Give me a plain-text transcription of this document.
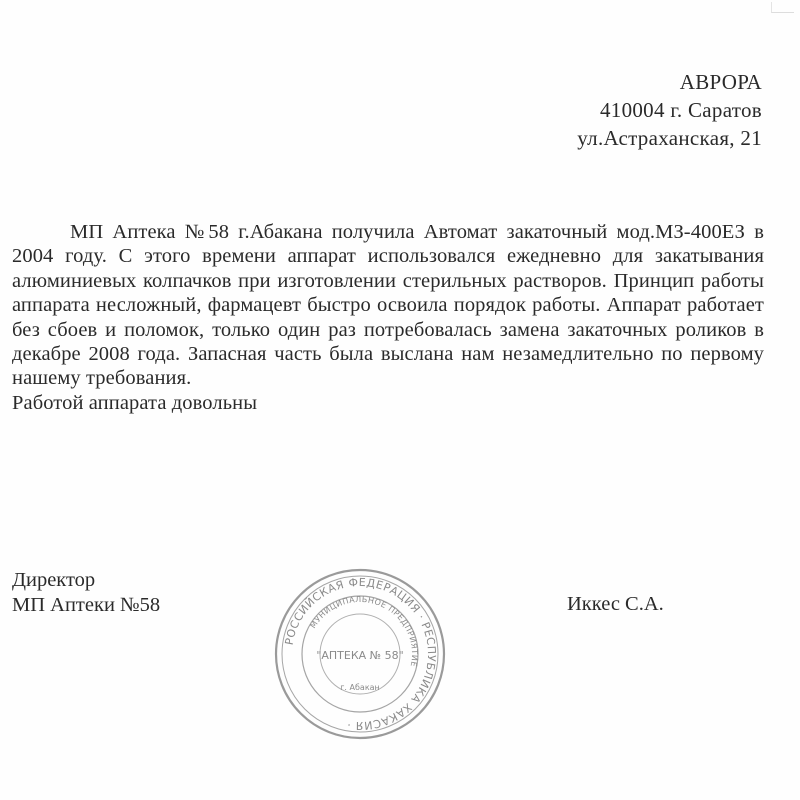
АВРОРА
410004 г. Саратов
ул.Астраханская, 21

МП Аптека №58 г.Абакана получила Автомат закаточный мод.МЗ-400ЕЗ в 2004 году. С этого времени аппарат использовался ежедневно для закатывания алюминиевых колпачков при изготовлении стерильных растворов. Принцип работы аппарата несложный, фармацевт быстро освоила порядок работы. Аппарат работает без сбоев и поломок, только один раз потребовалась замена закаточных роликов в декабре 2008 года. Запасная часть была выслана нам незамедлительно по первому нашему требования.
Работой аппарата довольны

Директор
МП Аптеки №58	Иккес С.А.
РОССИЙСКАЯ ФЕДЕРАЦИЯ · РЕСПУБЛИКА ХАКАСИЯ ·
МУНИЦИПАЛЬНОЕ ПРЕДПРИЯТИЕ
"АПТЕКА № 58"
г. Абакан
